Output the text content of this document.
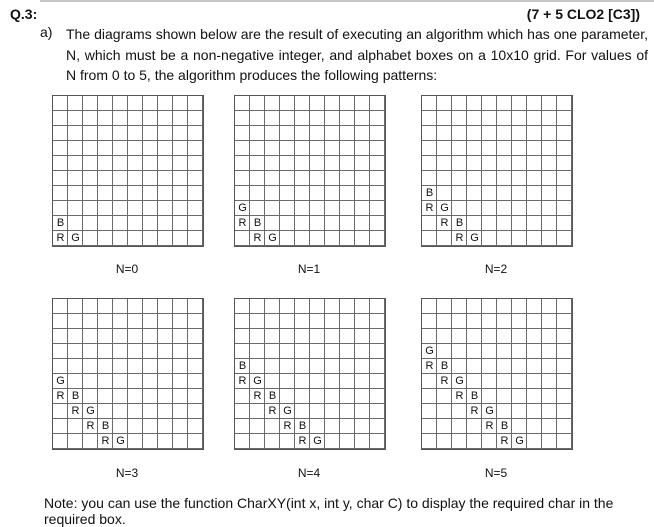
Q.3:	(7 + 5 CLO2 [C3])
a) The diagrams shown below are the result of executing an algorithm which has one parameter, N, which must be a non-negative integer, and alphabet boxes on a 10x10 grid. For values of N from 0 to 5, the algorithm produces the following patterns:
B
R G
N=0
G
R B
R G
N=1
B
R G
R B
R G
N=2
G
R B
R G
R B
R G
N=3
B
R G
R B
R G
R B
R G
N=4
G
R B
R G
R B
R G
R B
R G
N=5
Note: you can use the function CharXY(int x, int y, char C) to display the required char in the required box.
